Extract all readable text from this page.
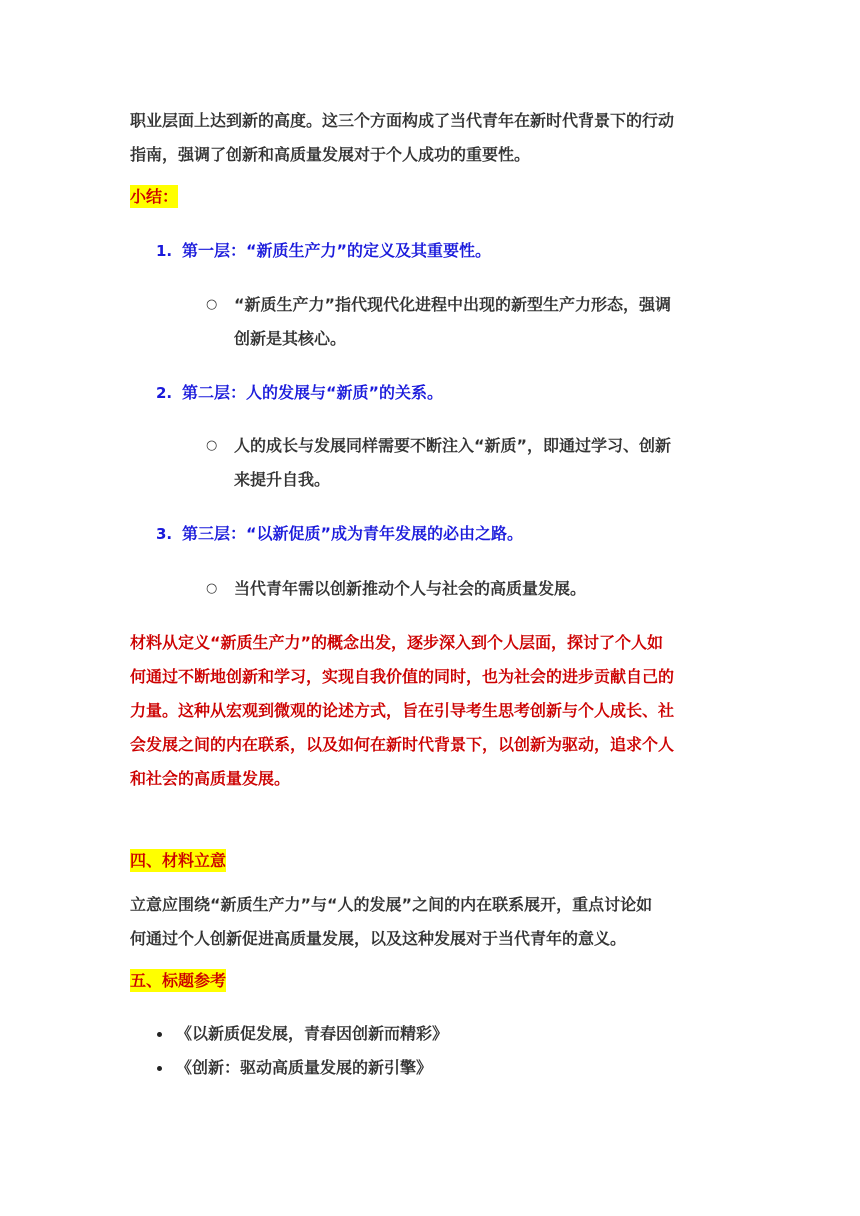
职业层面上达到新的高度。这三个方面构成了当代青年在新时代背景下的行动
指南，强调了创新和高质量发展对于个人成功的重要性。
小结：
1. 第一层：“新质生产力”的定义及其重要性。
○ “新质生产力”指代现代化进程中出现的新型生产力形态，强调
创新是其核心。
2. 第二层：人的发展与“新质”的关系。
○ 人的成长与发展同样需要不断注入“新质”，即通过学习、创新
来提升自我。
3. 第三层：“以新促质”成为青年发展的必由之路。
○ 当代青年需以创新推动个人与社会的高质量发展。
材料从定义“新质生产力”的概念出发，逐步深入到个人层面，探讨了个人如
何通过不断地创新和学习，实现自我价值的同时，也为社会的进步贡献自己的
力量。这种从宏观到微观的论述方式，旨在引导考生思考创新与个人成长、社
会发展之间的内在联系，以及如何在新时代背景下，以创新为驱动，追求个人
和社会的高质量发展。
四、材料立意
立意应围绕“新质生产力”与“人的发展”之间的内在联系展开，重点讨论如
何通过个人创新促进高质量发展，以及这种发展对于当代青年的意义。
五、标题参考
《以新质促发展，青春因创新而精彩》
《创新：驱动高质量发展的新引擎》
